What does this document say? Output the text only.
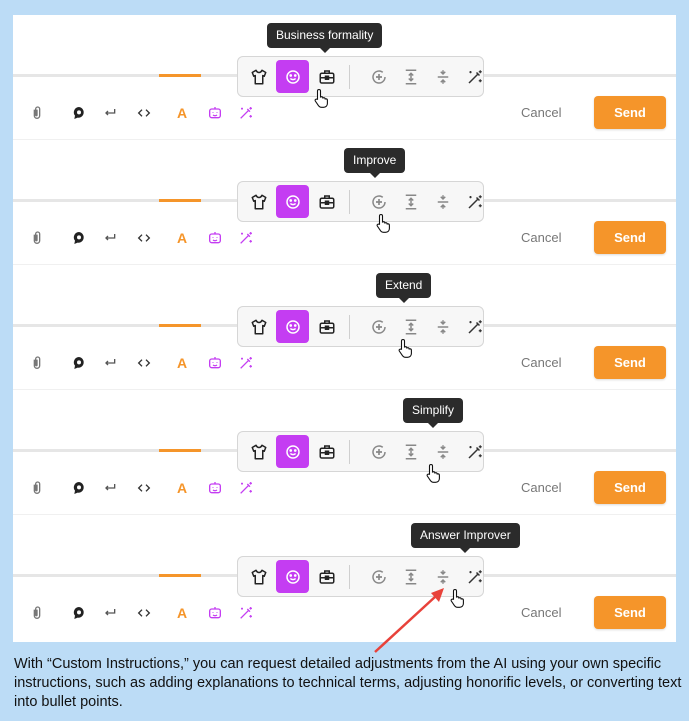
Business formality
A	Cancel	Send
Improve
A	Cancel	Send
Extend
A	Cancel	Send
Simplify
A	Cancel	Send
Answer Improver
A	Cancel	Send
With “Custom Instructions,” you can request detailed adjustments from the AI using your own specific instructions, such as adding explanations to technical terms, adjusting honorific levels, or converting text into bullet points.
